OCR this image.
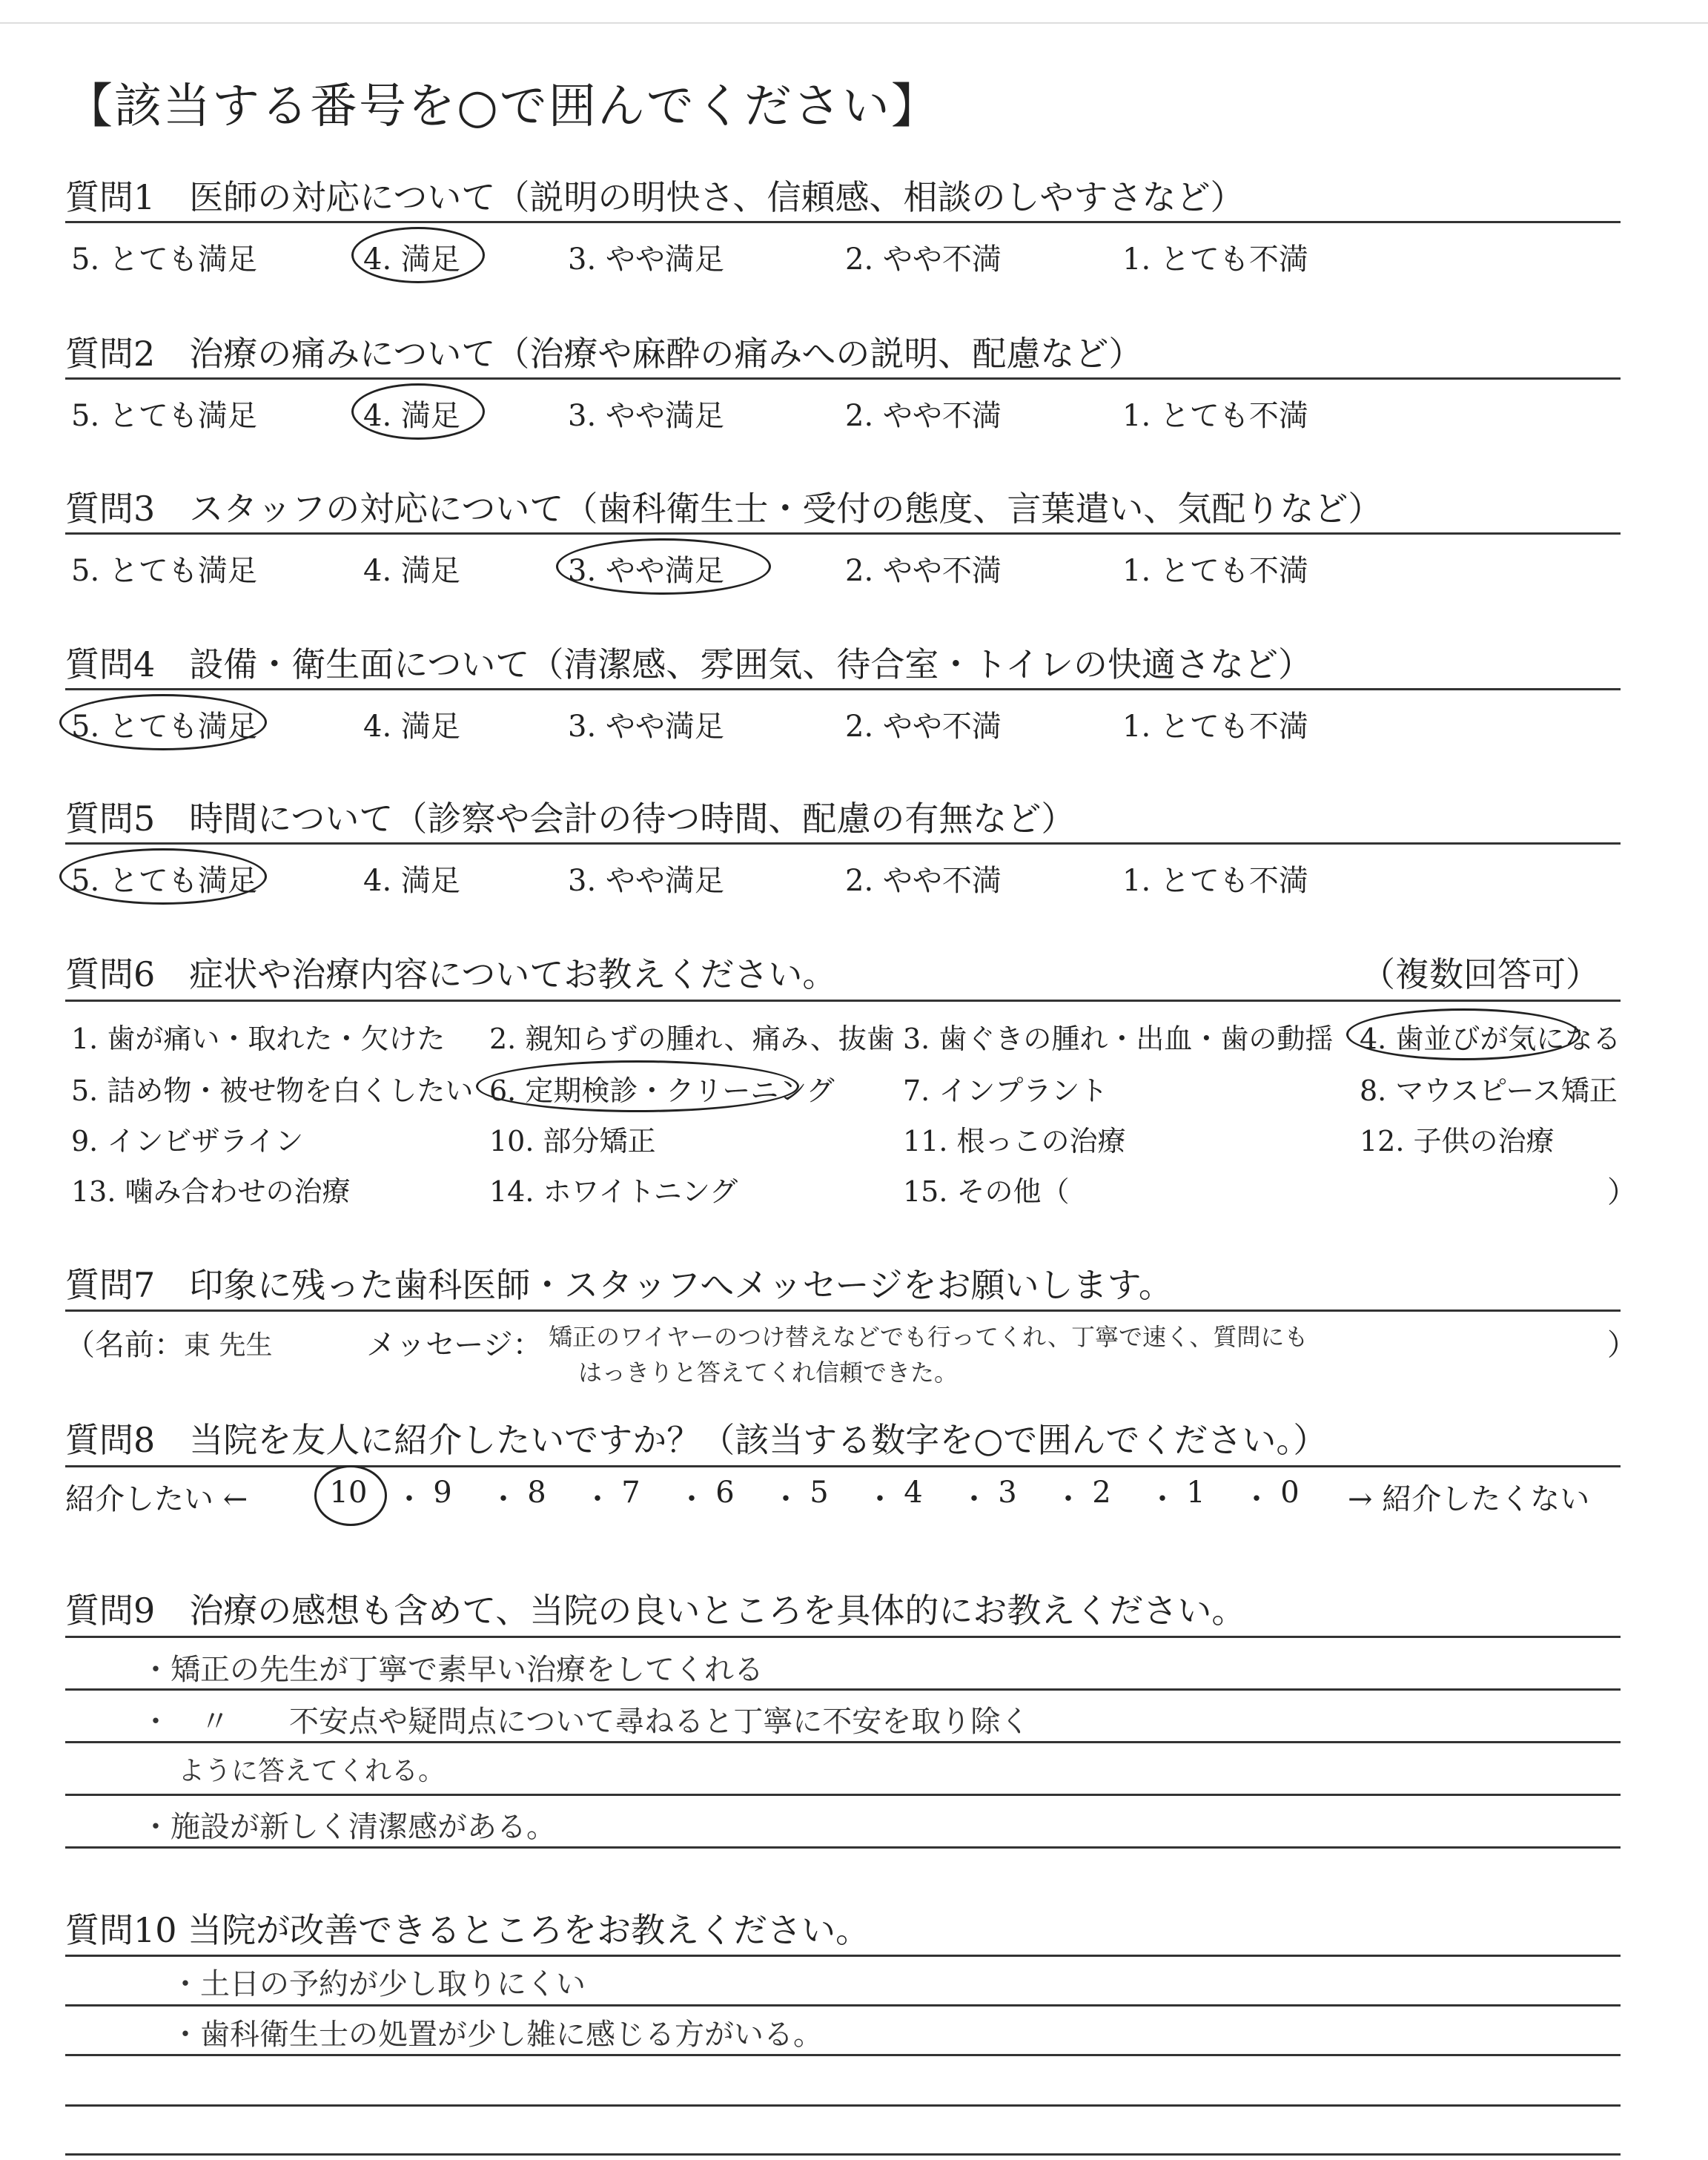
【該当する番号を○で囲んでください】
質問1　医師の対応について（説明の明快さ、信頼感、相談のしやすさなど）
5. とても満足	4. 満足	3. やや満足	2. やや不満	1. とても不満
質問2　治療の痛みについて（治療や麻酔の痛みへの説明、配慮など）
5. とても満足	4. 満足	3. やや満足	2. やや不満	1. とても不満
質問3　スタッフの対応について（歯科衛生士・受付の態度、言葉遣い、気配りなど）
5. とても満足	4. 満足	3. やや満足	2. やや不満	1. とても不満
質問4　設備・衛生面について（清潔感、雰囲気、待合室・トイレの快適さなど）
5. とても満足	4. 満足	3. やや満足	2. やや不満	1. とても不満
質問5　時間について（診察や会計の待つ時間、配慮の有無など）
5. とても満足	4. 満足	3. やや満足	2. やや不満	1. とても不満
質問6　症状や治療内容についてお教えください。	（複数回答可）
1. 歯が痛い・取れた・欠けた 2. 親知らずの腫れ、痛み、抜歯 3. 歯ぐきの腫れ・出血・歯の動揺 4. 歯並びが気になる
5. 詰め物・被せ物を白くしたい 6. 定期検診・クリーニング 7. インプラント	8. マウスピース矯正
9. インビザライン	10. 部分矯正	11. 根っこの治療	12. 子供の治療
13. 噛み合わせの治療	14. ホワイトニング	15. その他（	）
質問7　印象に残った歯科医師・スタッフへメッセージをお願いします。
（名前： 東 先生	メッセージ： 矯正のワイヤーのつけ替えなどでも行ってくれ、丁寧で速く、質問にも
はっきりと答えてくれ信頼できた。
）
質問8　当院を友人に紹介したいですか？（該当する数字を○で囲んでください。）
紹介したい ←	10 ・ 9	・ 8	・ 7	・ 6	・ 5	・ 4	・ 3	・ 2	・ 1	・ 0	→ 紹介したくない
質問9　治療の感想も含めて、当院の良いところを具体的にお教えください。
・矯正の先生が丁寧で素早い治療をしてくれる
・　〃　　不安点や疑問点について尋ねると丁寧に不安を取り除く
ように答えてくれる。
・施設が新しく清潔感がある。
質問10 当院が改善できるところをお教えください。
・土日の予約が少し取りにくい
・歯科衛生士の処置が少し雑に感じる方がいる。
